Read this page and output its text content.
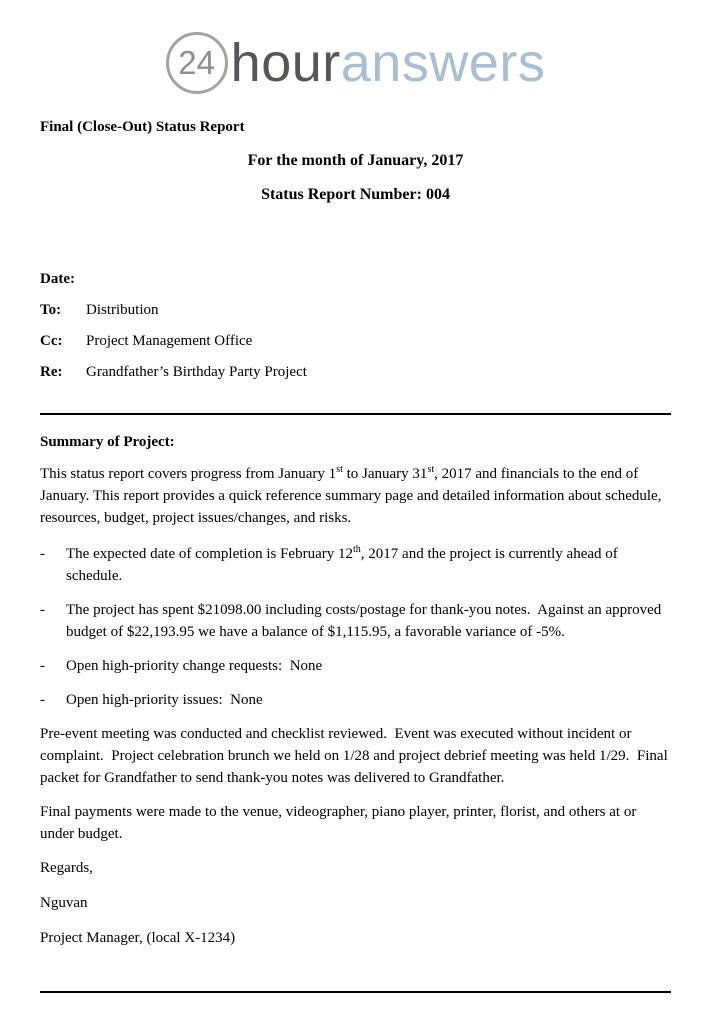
24 hour answers
Final (Close-Out) Status Report

For the month of January, 2017

Status Report Number: 004

Date:
To:	Distribution
Cc:	Project Management Office
Re:	Grandfather’s Birthday Party Project
Summary of Project:

This status report covers progress from January 1st to January 31st, 2017 and financials to the end of January. This report provides a quick reference summary page and detailed information about schedule, resources, budget, project issues/changes, and risks.

-	The expected date of completion is February 12th, 2017 and the project is currently ahead of schedule.
-	The project has spent $21098.00 including costs/postage for thank-you notes.  Against an approved budget of $22,193.95 we have a balance of $1,115.95, a favorable variance of -5%.
-	Open high-priority change requests:  None
-	Open high-priority issues:  None

Pre-event meeting was conducted and checklist reviewed.  Event was executed without incident or complaint.  Project celebration brunch we held on 1/28 and project debrief meeting was held 1/29.  Final packet for Grandfather to send thank-you notes was delivered to Grandfather.

Final payments were made to the venue, videographer, piano player, printer, florist, and others at or under budget.

Regards,

Nguvan

Project Manager, (local X-1234)
